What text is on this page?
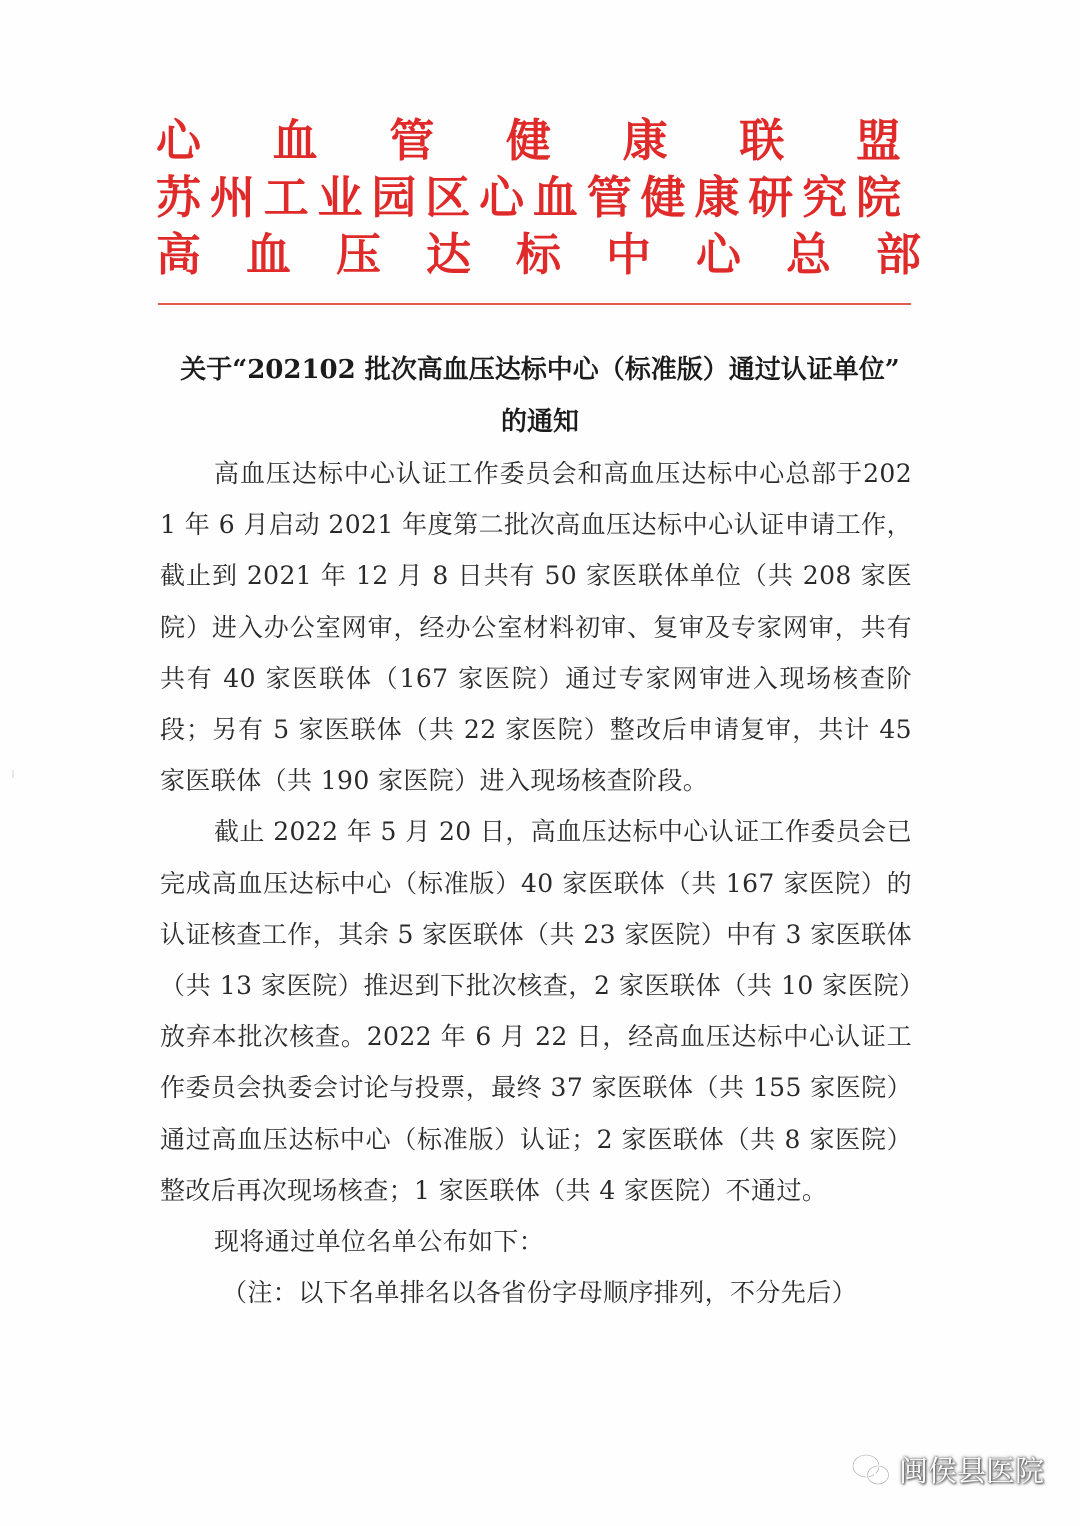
心　血　管　健　康　联　盟
苏州工业园区心血管健康研究院
高　血　压　达　标　中　心　总　部
关于“202102 批次高血压达标中心（标准版）通过认证单位”
的通知

高血压达标中心认证工作委员会和高血压达标中心总部于2021 年 6 月启动 2021 年度第二批次高血压达标中心认证申请工作，截止到 2021 年 12 月 8 日共有 50 家医联体单位（共 208 家医院）进入办公室网审，经办公室材料初审、复审及专家网审，共有共有 40 家医联体（167 家医院）通过专家网审进入现场核查阶段；另有 5 家医联体（共 22 家医院）整改后申请复审，共计 45 家医联体（共 190 家医院）进入现场核查阶段。

截止 2022 年 5 月 20 日，高血压达标中心认证工作委员会已完成高血压达标中心（标准版）40 家医联体（共 167 家医院）的认证核查工作，其余 5 家医联体（共 23 家医院）中有 3 家医联体（共 13 家医院）推迟到下批次核查，2 家医联体（共 10 家医院）放弃本批次核查。2022 年 6 月 22 日，经高血压达标中心认证工作委员会执委会讨论与投票，最终 37 家医联体（共 155 家医院）通过高血压达标中心（标准版）认证；2 家医联体（共 8 家医院）整改后再次现场核查；1 家医联体（共 4 家医院）不通过。

现将通过单位名单公布如下：

（注：以下名单排名以各省份字母顺序排列，不分先后）

闽侯县医院
